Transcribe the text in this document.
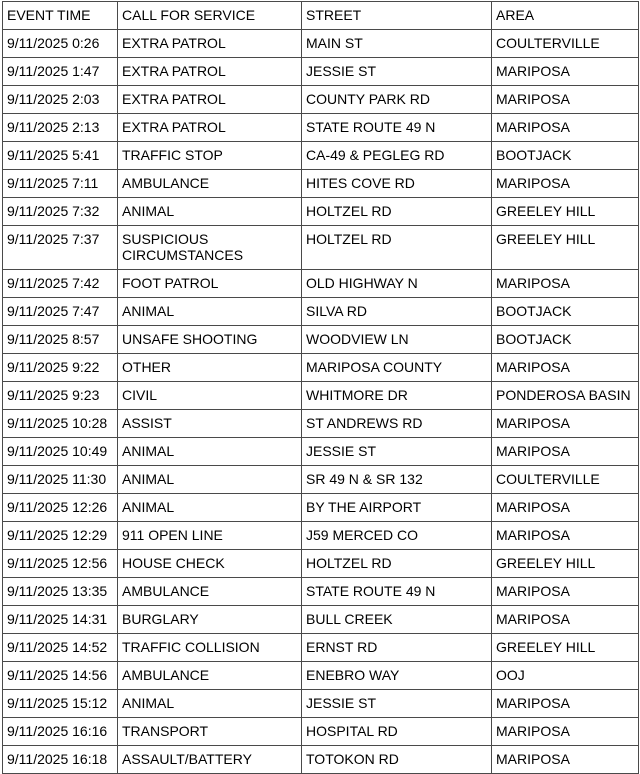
EVENT TIME	CALL FOR SERVICE	STREET	AREA
9/11/2025 0:26	EXTRA PATROL	MAIN ST	COULTERVILLE
9/11/2025 1:47	EXTRA PATROL	JESSIE ST	MARIPOSA
9/11/2025 2:03	EXTRA PATROL	COUNTY PARK RD	MARIPOSA
9/11/2025 2:13	EXTRA PATROL	STATE ROUTE 49 N	MARIPOSA
9/11/2025 5:41	TRAFFIC STOP	CA-49 & PEGLEG RD	BOOTJACK
9/11/2025 7:11	AMBULANCE	HITES COVE RD	MARIPOSA
9/11/2025 7:32	ANIMAL	HOLTZEL RD	GREELEY HILL
9/11/2025 7:37	SUSPICIOUS CIRCUMSTANCES	HOLTZEL RD	GREELEY HILL
9/11/2025 7:42	FOOT PATROL	OLD HIGHWAY N	MARIPOSA
9/11/2025 7:47	ANIMAL	SILVA RD	BOOTJACK
9/11/2025 8:57	UNSAFE SHOOTING	WOODVIEW LN	BOOTJACK
9/11/2025 9:22	OTHER	MARIPOSA COUNTY	MARIPOSA
9/11/2025 9:23	CIVIL	WHITMORE DR	PONDEROSA BASIN
9/11/2025 10:28	ASSIST	ST ANDREWS RD	MARIPOSA
9/11/2025 10:49	ANIMAL	JESSIE ST	MARIPOSA
9/11/2025 11:30	ANIMAL	SR 49 N & SR 132	COULTERVILLE
9/11/2025 12:26	ANIMAL	BY THE AIRPORT	MARIPOSA
9/11/2025 12:29	911 OPEN LINE	J59 MERCED CO	MARIPOSA
9/11/2025 12:56	HOUSE CHECK	HOLTZEL RD	GREELEY HILL
9/11/2025 13:35	AMBULANCE	STATE ROUTE 49 N	MARIPOSA
9/11/2025 14:31	BURGLARY	BULL CREEK	MARIPOSA
9/11/2025 14:52	TRAFFIC COLLISION	ERNST RD	GREELEY HILL
9/11/2025 14:56	AMBULANCE	ENEBRO WAY	OOJ
9/11/2025 15:12	ANIMAL	JESSIE ST	MARIPOSA
9/11/2025 16:16	TRANSPORT	HOSPITAL RD	MARIPOSA
9/11/2025 16:18	ASSAULT/BATTERY	TOTOKON RD	MARIPOSA
